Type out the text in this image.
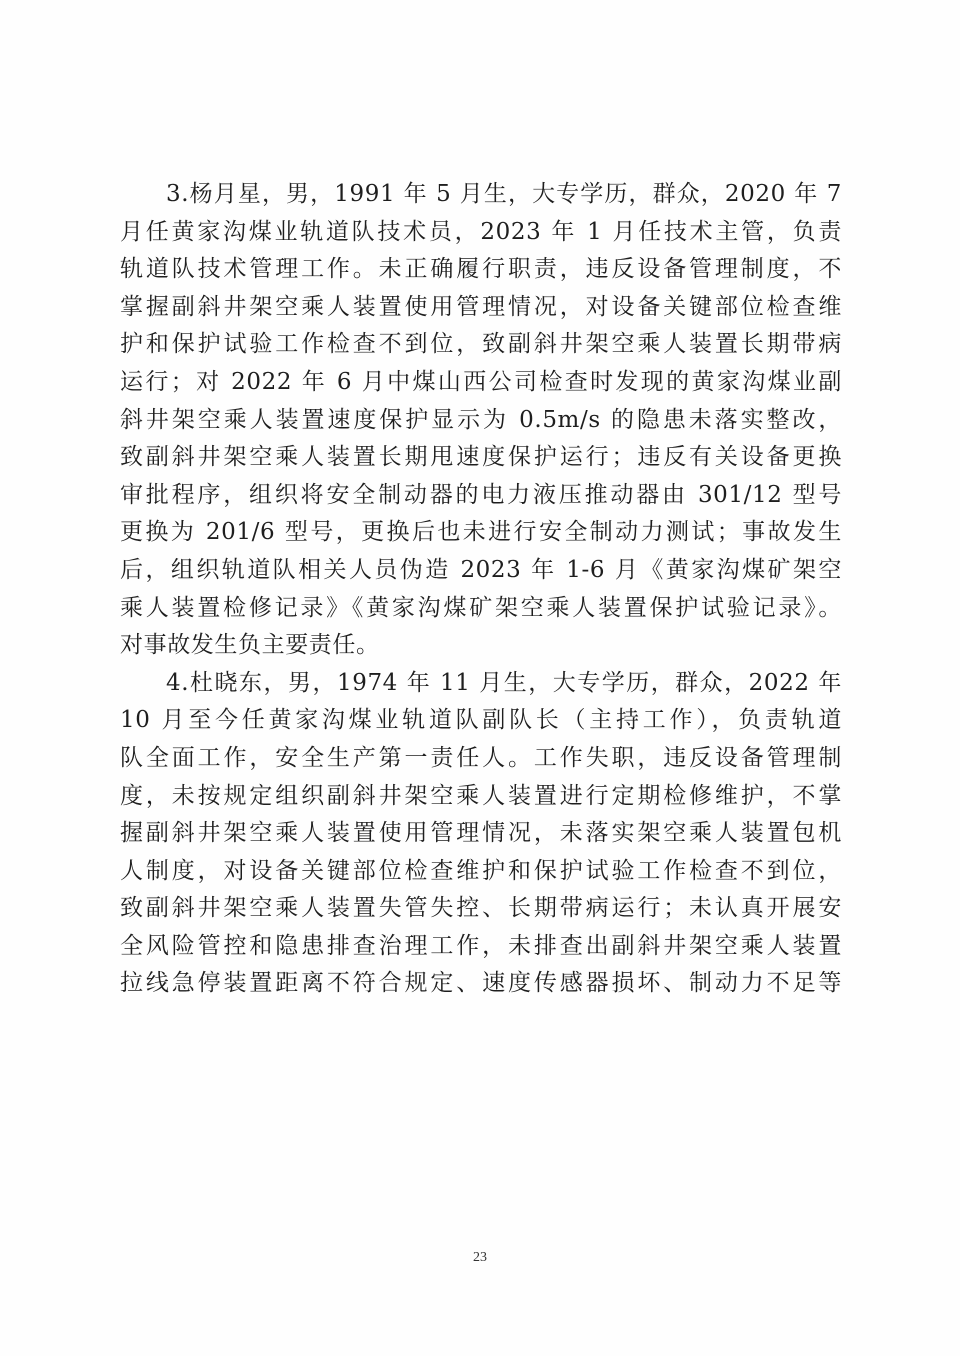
3.杨月星，男，1991 年 5 月生，大专学历，群众，2020 年 7
月任黄家沟煤业轨道队技术员，2023 年 1 月任技术主管，负责
轨道队技术管理工作。未正确履行职责，违反设备管理制度，不
掌握副斜井架空乘人装置使用管理情况，对设备关键部位检查维
护和保护试验工作检查不到位，致副斜井架空乘人装置长期带病
运行；对 2022 年 6 月中煤山西公司检查时发现的黄家沟煤业副
斜井架空乘人装置速度保护显示为 0.5m/s 的隐患未落实整改，
致副斜井架空乘人装置长期甩速度保护运行；违反有关设备更换
审批程序，组织将安全制动器的电力液压推动器由 301/12 型号
更换为 201/6 型号，更换后也未进行安全制动力测试；事故发生
后，组织轨道队相关人员伪造 2023 年 1-6 月《黄家沟煤矿架空
乘人装置检修记录》《黄家沟煤矿架空乘人装置保护试验记录》。
对事故发生负主要责任。

4.杜晓东，男，1974 年 11 月生，大专学历，群众，2022 年
10 月至今任黄家沟煤业轨道队副队长（主持工作），负责轨道
队全面工作，安全生产第一责任人。工作失职，违反设备管理制
度，未按规定组织副斜井架空乘人装置进行定期检修维护，不掌
握副斜井架空乘人装置使用管理情况，未落实架空乘人装置包机
人制度，对设备关键部位检查维护和保护试验工作检查不到位，
致副斜井架空乘人装置失管失控、长期带病运行；未认真开展安
全风险管控和隐患排查治理工作，未排查出副斜井架空乘人装置
拉线急停装置距离不符合规定、速度传感器损坏、制动力不足等

23
